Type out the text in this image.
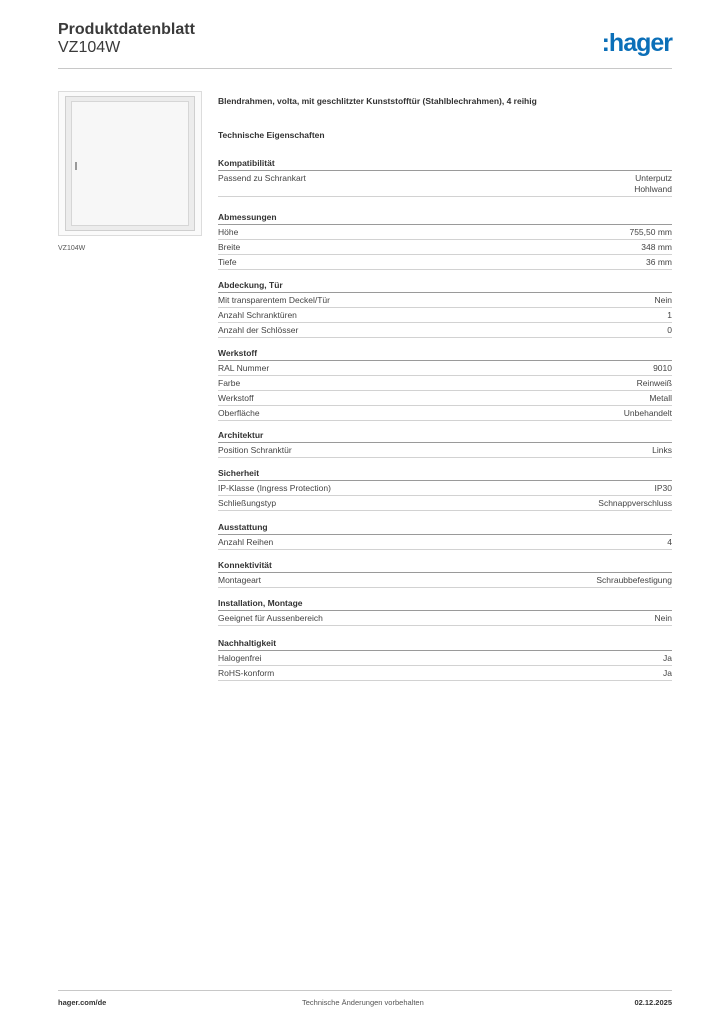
Produktdatenblatt
VZ104W	:hager
VZ104W
Blendrahmen, volta, mit geschlitzter Kunststofftür (Stahlblechrahmen), 4 reihig
Technische Eigenschaften
Kompatibilität
Passend zu Schrankart	Unterputz
Hohlwand
Abmessungen
Höhe	755,50 mm
Breite	348 mm
Tiefe	36 mm
Abdeckung, Tür
Mit transparentem Deckel/Tür	Nein
Anzahl Schranktüren	1
Anzahl der Schlösser	0
Werkstoff
RAL Nummer	9010
Farbe	Reinweiß
Werkstoff	Metall
Oberfläche	Unbehandelt
Architektur
Position Schranktür	Links
Sicherheit
IP-Klasse (Ingress Protection)	IP30
Schließungstyp	Schnappverschluss
Ausstattung
Anzahl Reihen	4
Konnektivität
Montageart	Schraubbefestigung
Installation, Montage
Geeignet für Aussenbereich	Nein
Nachhaltigkeit
Halogenfrei	Ja
RoHS-konform	Ja
hager.com/de	Technische Änderungen vorbehalten	02.12.2025
